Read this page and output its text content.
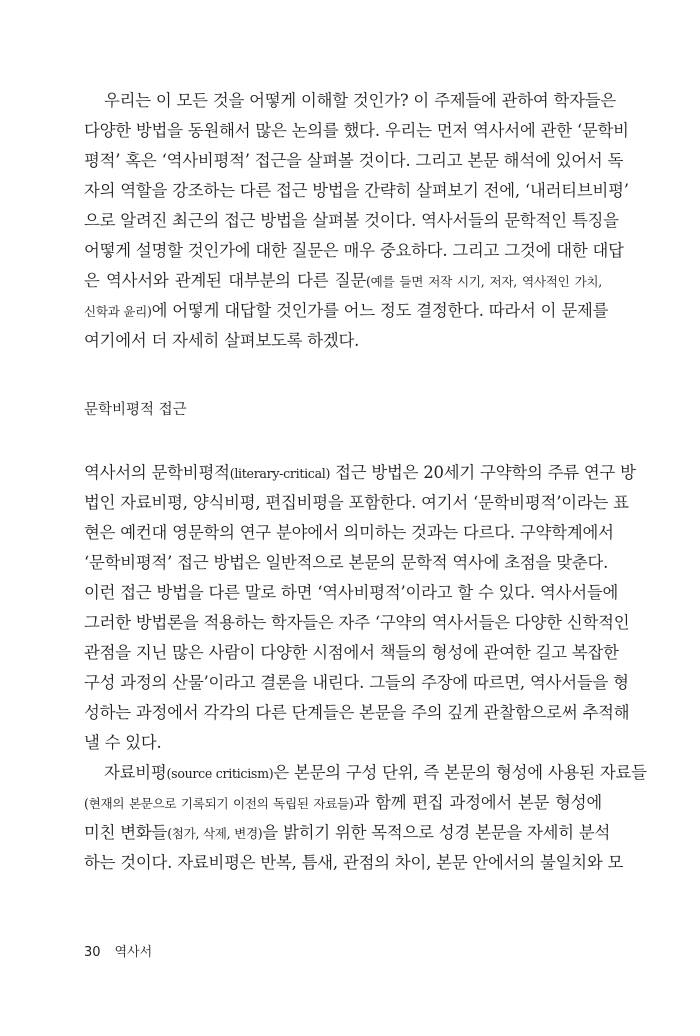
우리는 이 모든 것을 어떻게 이해할 것인가? 이 주제들에 관하여 학자들은
다양한 방법을 동원해서 많은 논의를 했다. 우리는 먼저 역사서에 관한 ‘문학비
평적’ 혹은 ‘역사비평적’ 접근을 살펴볼 것이다. 그리고 본문 해석에 있어서 독
자의 역할을 강조하는 다른 접근 방법을 간략히 살펴보기 전에, ‘내러티브비평’
으로 알려진 최근의 접근 방법을 살펴볼 것이다. 역사서들의 문학적인 특징을
어떻게 설명할 것인가에 대한 질문은 매우 중요하다. 그리고 그것에 대한 대답
은 역사서와 관계된 대부분의 다른 질문(예를 들면 저작 시기, 저자, 역사적인 가치,
신학과 윤리)에 어떻게 대답할 것인가를 어느 정도 결정한다. 따라서 이 문제를
여기에서 더 자세히 살펴보도록 하겠다.
문학비평적 접근
역사서의 문학비평적(literary-critical) 접근 방법은 20세기 구약학의 주류 연구 방
법인 자료비평, 양식비평, 편집비평을 포함한다. 여기서 ‘문학비평적’이라는 표
현은 예컨대 영문학의 연구 분야에서 의미하는 것과는 다르다. 구약학계에서
‘문학비평적’ 접근 방법은 일반적으로 본문의 문학적 역사에 초점을 맞춘다.
이런 접근 방법을 다른 말로 하면 ‘역사비평적’이라고 할 수 있다. 역사서들에
그러한 방법론을 적용하는 학자들은 자주 ‘구약의 역사서들은 다양한 신학적인
관점을 지닌 많은 사람이 다양한 시점에서 책들의 형성에 관여한 길고 복잡한
구성 과정의 산물’이라고 결론을 내린다. 그들의 주장에 따르면, 역사서들을 형
성하는 과정에서 각각의 다른 단계들은 본문을 주의 깊게 관찰함으로써 추적해
낼 수 있다.
자료비평(source criticism)은 본문의 구성 단위, 즉 본문의 형성에 사용된 자료들
(현재의 본문으로 기록되기 이전의 독립된 자료들)과 함께 편집 과정에서 본문 형성에
미친 변화들(첨가, 삭제, 변경)을 밝히기 위한 목적으로 성경 본문을 자세히 분석
하는 것이다. 자료비평은 반복, 틈새, 관점의 차이, 본문 안에서의 불일치와 모
30 역사서
